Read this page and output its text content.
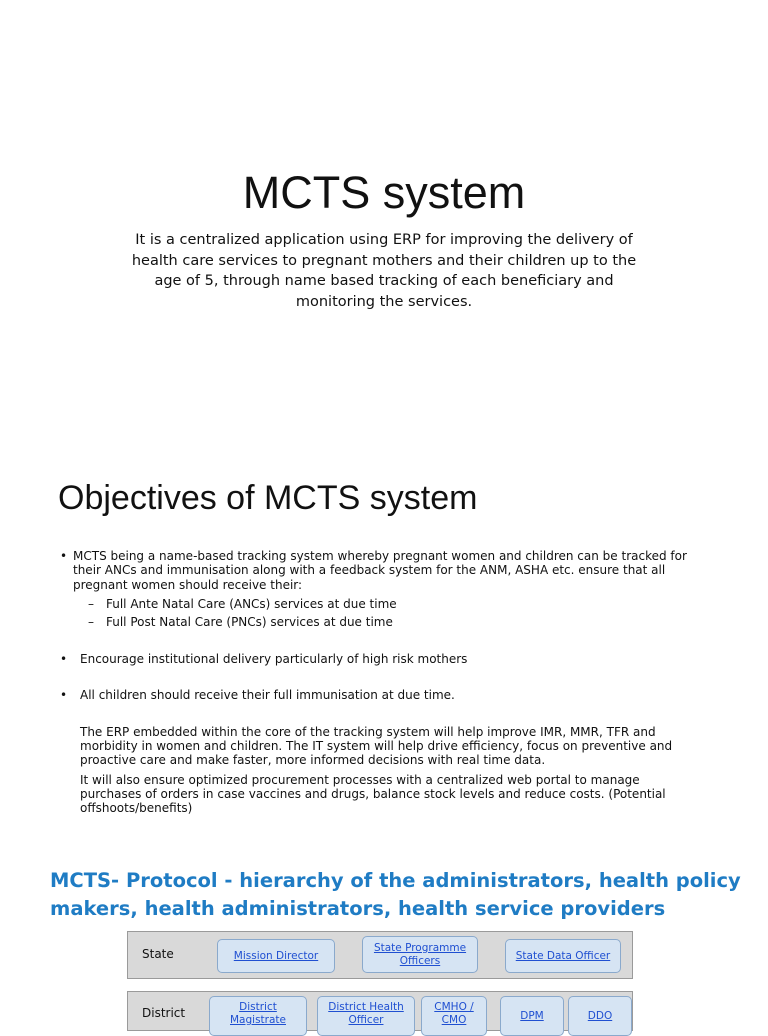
MCTS system
It is a centralized application using ERP for improving the delivery of
health care services to pregnant mothers and their children up to the
age of 5, through name based tracking of each beneficiary and
monitoring the services.
Objectives of MCTS system
• MCTS being a name-based tracking system whereby pregnant women and children can be tracked for
their ANCs and immunisation along with a feedback system for the ANM, ASHA etc. ensure that all
pregnant women should receive their:
– Full Ante Natal Care (ANCs) services at due time
– Full Post Natal Care (PNCs) services at due time
• Encourage institutional delivery particularly of high risk mothers
• All children should receive their full immunisation at due time.
The ERP embedded within the core of the tracking system will help improve IMR, MMR, TFR and
morbidity in women and children. The IT system will help drive efficiency, focus on preventive and
proactive care and make faster, more informed decisions with real time data.
It will also ensure optimized procurement processes with a centralized web portal to manage
purchases of orders in case vaccines and drugs, balance stock levels and reduce costs. (Potential
offshoots/benefits)
MCTS- Protocol - hierarchy of the administrators, health policy
makers, health administrators, health service providers
State	Mission Director
State Programme Officers	State Data Officer
District	District Magistrate
District Health Officer
CMHO / CMO	DPM	DDO
